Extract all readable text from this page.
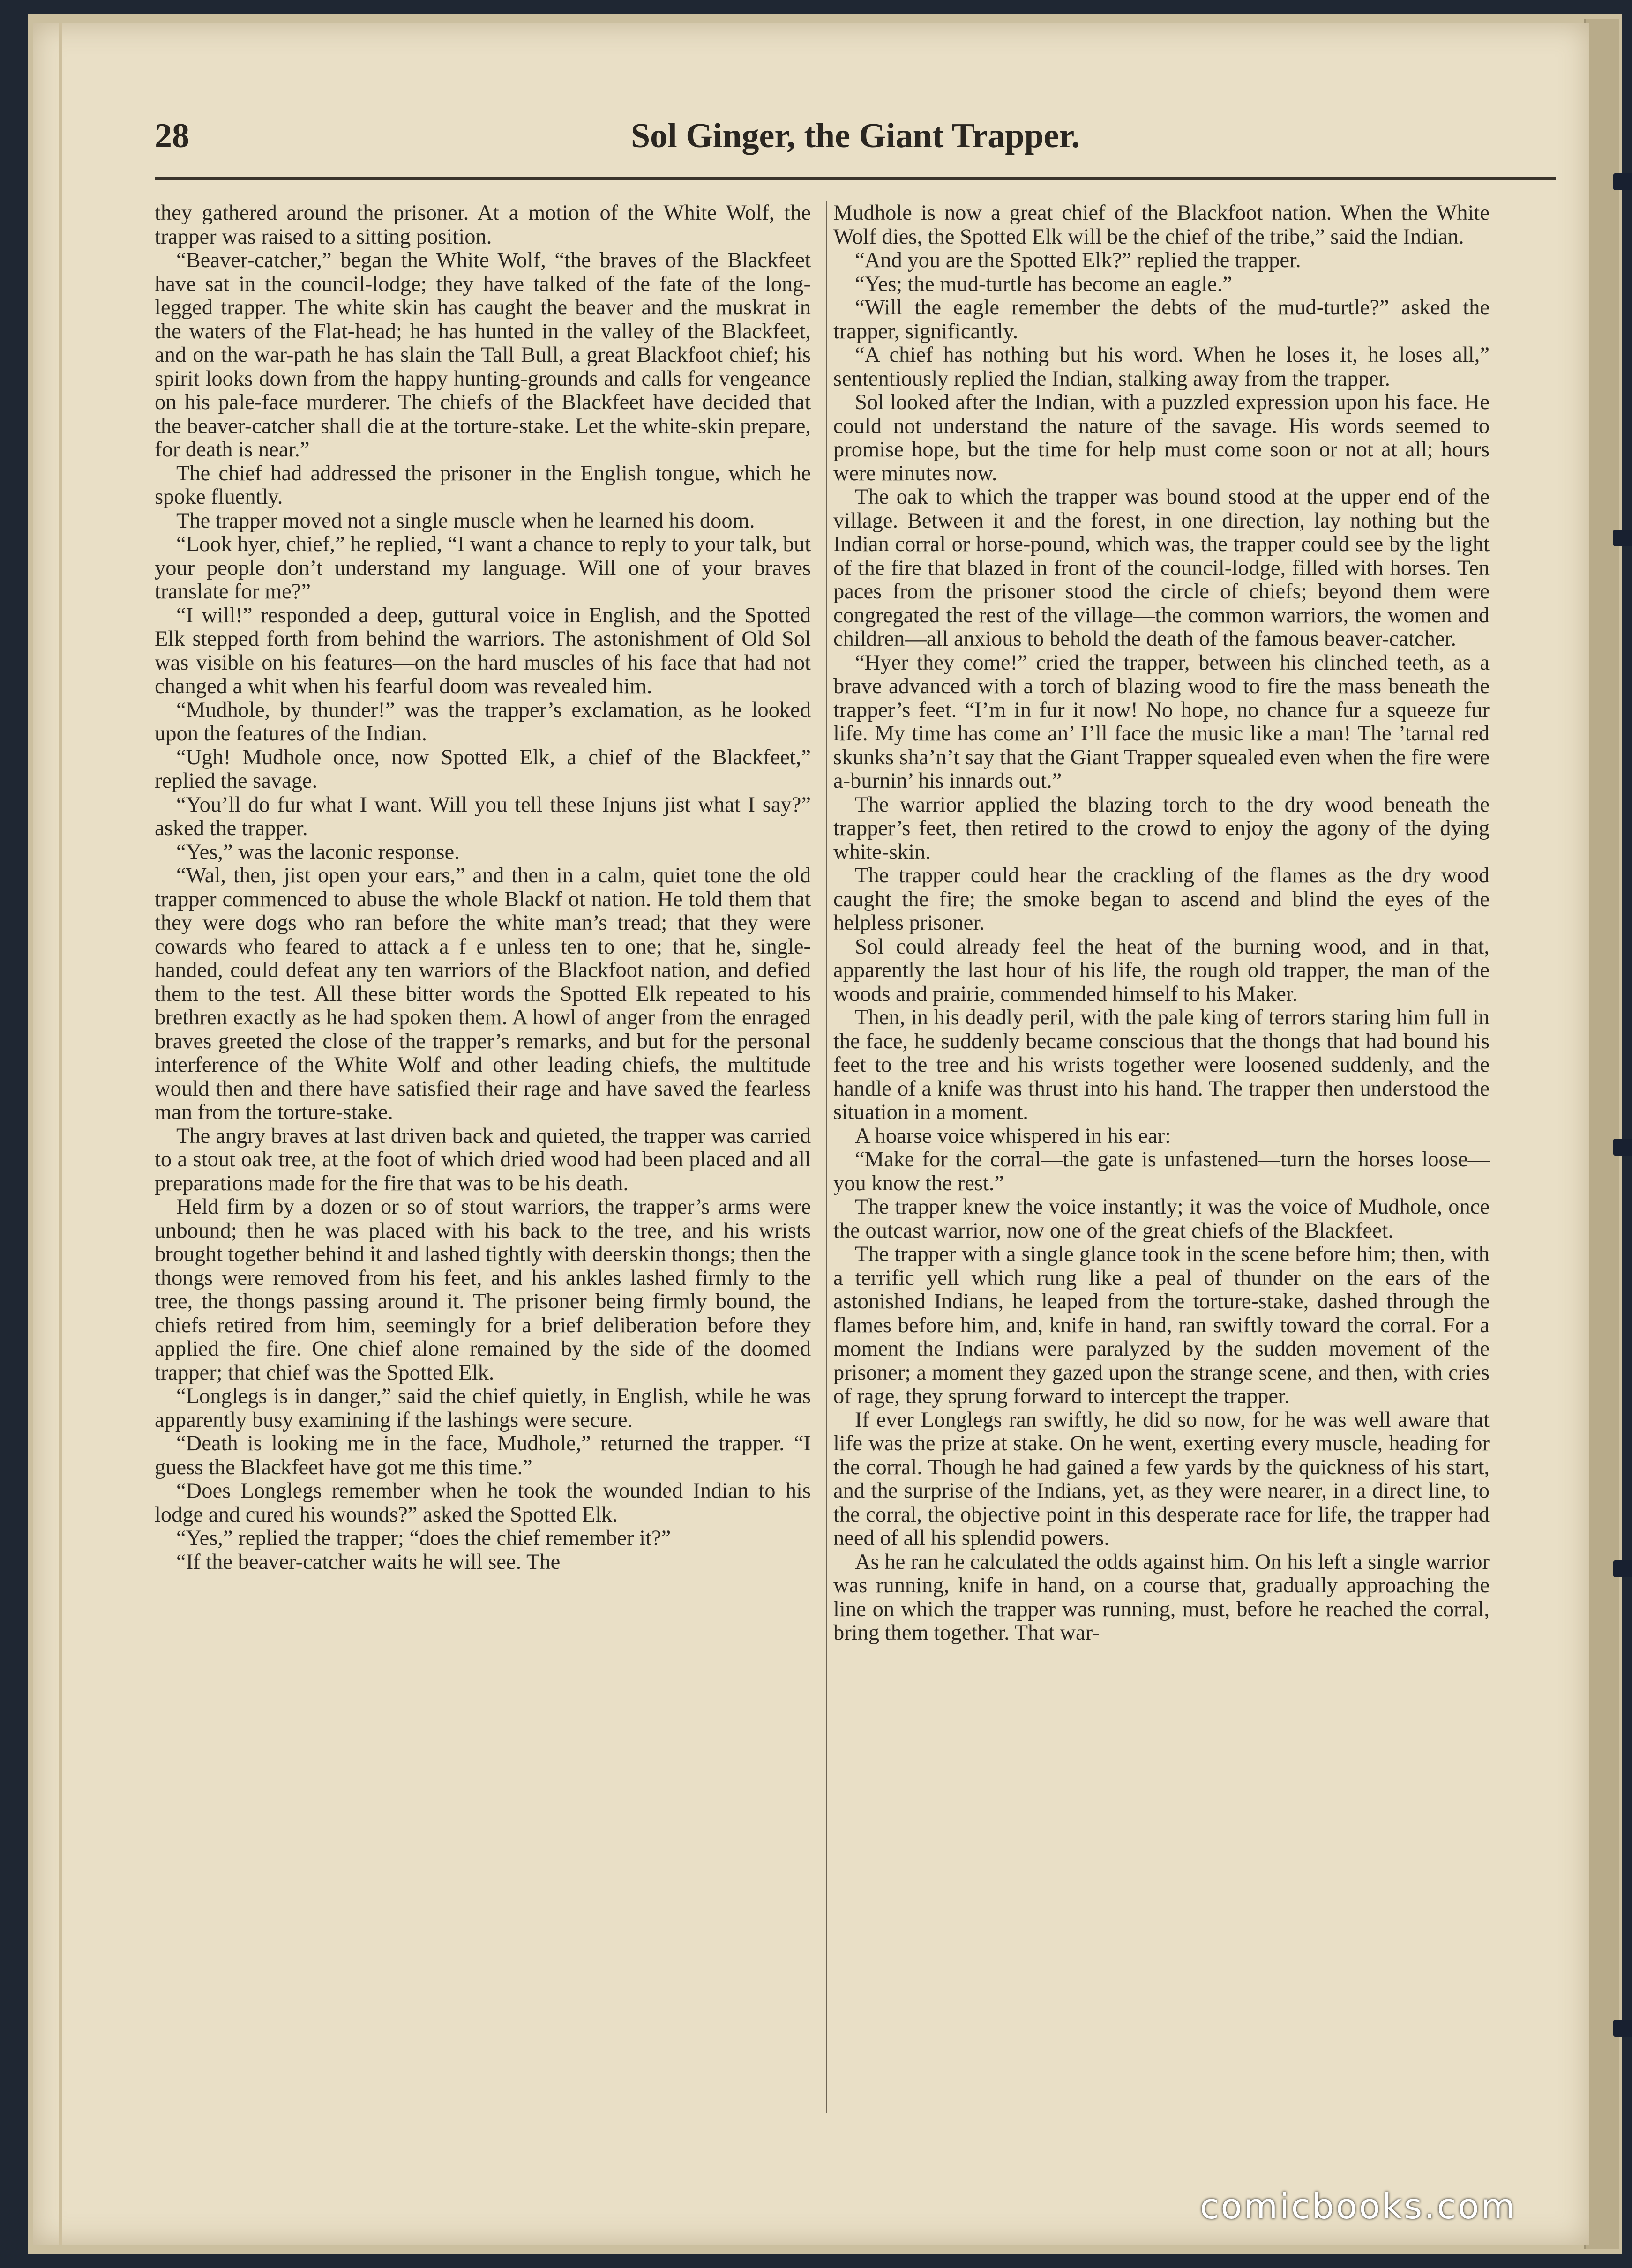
28	Sol Ginger, the Giant Trapper.

they gathered around the prisoner. At a motion of the White Wolf, the trapper was raised to a sitting position.

“Beaver-catcher,” began the White Wolf, “the braves of the Blackfeet have sat in the council-lodge; they have talked of the fate of the long-legged trapper. The white skin has caught the beaver and the muskrat in the waters of the Flat-head; he has hunted in the valley of the Blackfeet, and on the war-path he has slain the Tall Bull, a great Blackfoot chief; his spirit looks down from the happy hunting-grounds and calls for vengeance on his pale-face murderer. The chiefs of the Blackfeet have decided that the beaver-catcher shall die at the torture-stake. Let the white-skin prepare, for death is near.”

The chief had addressed the prisoner in the English tongue, which he spoke fluently.

The trapper moved not a single muscle when he learned his doom.

“Look hyer, chief,” he replied, “I want a chance to reply to your talk, but your people don’t understand my language. Will one of your braves translate for me?”

“I will!” responded a deep, guttural voice in English, and the Spotted Elk stepped forth from behind the warriors. The astonishment of Old Sol was visible on his features—on the hard muscles of his face that had not changed a whit when his fearful doom was revealed him.

“Mudhole, by thunder!” was the trapper’s exclamation, as he looked upon the features of the Indian.

“Ugh! Mudhole once, now Spotted Elk, a chief of the Blackfeet,” replied the savage.

“You’ll do fur what I want. Will you tell these Injuns jist what I say?” asked the trapper.

“Yes,” was the laconic response.

“Wal, then, jist open your ears,” and then in a calm, quiet tone the old trapper commenced to abuse the whole Blackf ot nation. He told them that they were dogs who ran before the white man’s tread; that they were cowards who feared to attack a f e unless ten to one; that he, single-handed, could defeat any ten warriors of the Blackfoot nation, and defied them to the test. All these bitter words the Spotted Elk repeated to his brethren exactly as he had spoken them. A howl of anger from the enraged braves greeted the close of the trapper’s remarks, and but for the personal interference of the White Wolf and other leading chiefs, the multitude would then and there have satisfied their rage and have saved the fearless man from the torture-stake.

The angry braves at last driven back and quieted, the trapper was carried to a stout oak tree, at the foot of which dried wood had been placed and all preparations made for the fire that was to be his death.

Held firm by a dozen or so of stout warriors, the trapper’s arms were unbound; then he was placed with his back to the tree, and his wrists brought together behind it and lashed tightly with deerskin thongs; then the thongs were removed from his feet, and his ankles lashed firmly to the tree, the thongs passing around it. The prisoner being firmly bound, the chiefs retired from him, seemingly for a brief deliberation before they applied the fire. One chief alone remained by the side of the doomed trapper; that chief was the Spotted Elk.

“Longlegs is in danger,” said the chief quietly, in English, while he was apparently busy examining if the lashings were secure.

“Death is looking me in the face, Mudhole,” returned the trapper. “I guess the Blackfeet have got me this time.”

“Does Longlegs remember when he took the wounded Indian to his lodge and cured his wounds?” asked the Spotted Elk.

“Yes,” replied the trapper; “does the chief remember it?”

“If the beaver-catcher waits he will see. The

Mudhole is now a great chief of the Blackfoot nation. When the White Wolf dies, the Spotted Elk will be the chief of the tribe,” said the Indian.

“And you are the Spotted Elk?” replied the trapper.

“Yes; the mud-turtle has become an eagle.”

“Will the eagle remember the debts of the mud-turtle?” asked the trapper, significantly.

“A chief has nothing but his word. When he loses it, he loses all,” sententiously replied the Indian, stalking away from the trapper.

Sol looked after the Indian, with a puzzled expression upon his face. He could not understand the nature of the savage. His words seemed to promise hope, but the time for help must come soon or not at all; hours were minutes now.

The oak to which the trapper was bound stood at the upper end of the village. Between it and the forest, in one direction, lay nothing but the Indian corral or horse-pound, which was, the trapper could see by the light of the fire that blazed in front of the council-lodge, filled with horses. Ten paces from the prisoner stood the circle of chiefs; beyond them were congregated the rest of the village—the common warriors, the women and children—all anxious to behold the death of the famous beaver-catcher.

“Hyer they come!” cried the trapper, between his clinched teeth, as a brave advanced with a torch of blazing wood to fire the mass beneath the trapper’s feet. “I’m in fur it now! No hope, no chance fur a squeeze fur life. My time has come an’ I’ll face the music like a man! The ’tarnal red skunks sha’n’t say that the Giant Trapper squealed even when the fire were a-burnin’ his innards out.”

The warrior applied the blazing torch to the dry wood beneath the trapper’s feet, then retired to the crowd to enjoy the agony of the dying white-skin.

The trapper could hear the crackling of the flames as the dry wood caught the fire; the smoke began to ascend and blind the eyes of the helpless prisoner.

Sol could already feel the heat of the burning wood, and in that, apparently the last hour of his life, the rough old trapper, the man of the woods and prairie, commended himself to his Maker.

Then, in his deadly peril, with the pale king of terrors staring him full in the face, he suddenly became conscious that the thongs that had bound his feet to the tree and his wrists together were loosened suddenly, and the handle of a knife was thrust into his hand. The trapper then understood the situation in a moment.

A hoarse voice whispered in his ear:

“Make for the corral—the gate is unfastened—turn the horses loose—you know the rest.”

The trapper knew the voice instantly; it was the voice of Mudhole, once the outcast warrior, now one of the great chiefs of the Blackfeet.

The trapper with a single glance took in the scene before him; then, with a terrific yell which rung like a peal of thunder on the ears of the astonished Indians, he leaped from the torture-stake, dashed through the flames before him, and, knife in hand, ran swiftly toward the corral. For a moment the Indians were paralyzed by the sudden movement of the prisoner; a moment they gazed upon the strange scene, and then, with cries of rage, they sprung forward to intercept the trapper.

If ever Longlegs ran swiftly, he did so now, for he was well aware that life was the prize at stake. On he went, exerting every muscle, heading for the corral. Though he had gained a few yards by the quickness of his start, and the surprise of the Indians, yet, as they were nearer, in a direct line, to the corral, the objective point in this desperate race for life, the trapper had need of all his splendid powers.

As he ran he calculated the odds against him. On his left a single warrior was running, knife in hand, on a course that, gradually approaching the line on which the trapper was running, must, before he reached the corral, bring them together. That war-

comicbooks.com
